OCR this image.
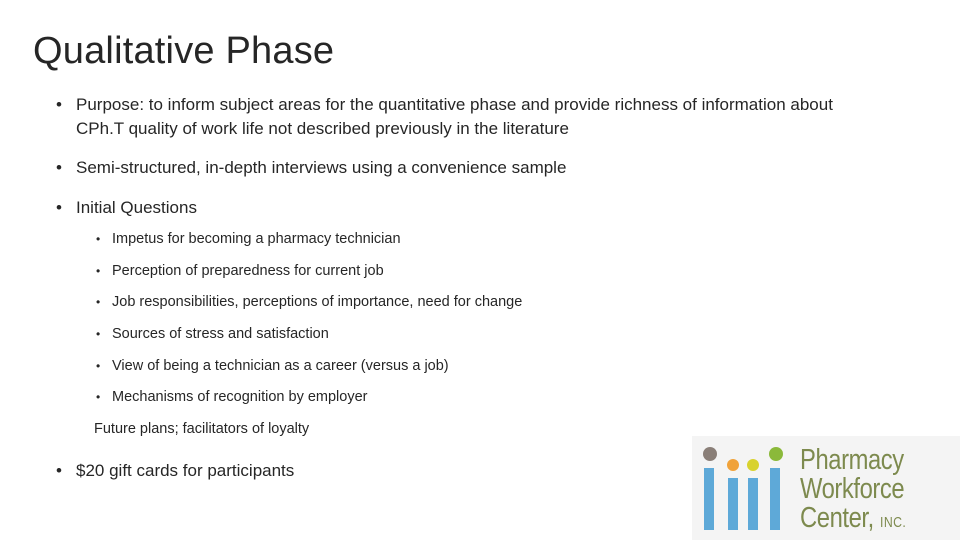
Qualitative Phase
• Purpose: to inform subject areas for the quantitative phase and provide richness of information about CPh.T quality of work life not described previously in the literature
• Semi-structured, in-depth interviews using a convenience sample
• Initial Questions
• Impetus for becoming a pharmacy technician
• Perception of preparedness for current job
• Job responsibilities, perceptions of importance, need for change
• Sources of stress and satisfaction
• View of being a technician as a career (versus a job)
• Mechanisms of recognition by employer
Future plans; facilitators of loyalty
• $20 gift cards for participants	Pharmacy
Workforce
Center, INC.
